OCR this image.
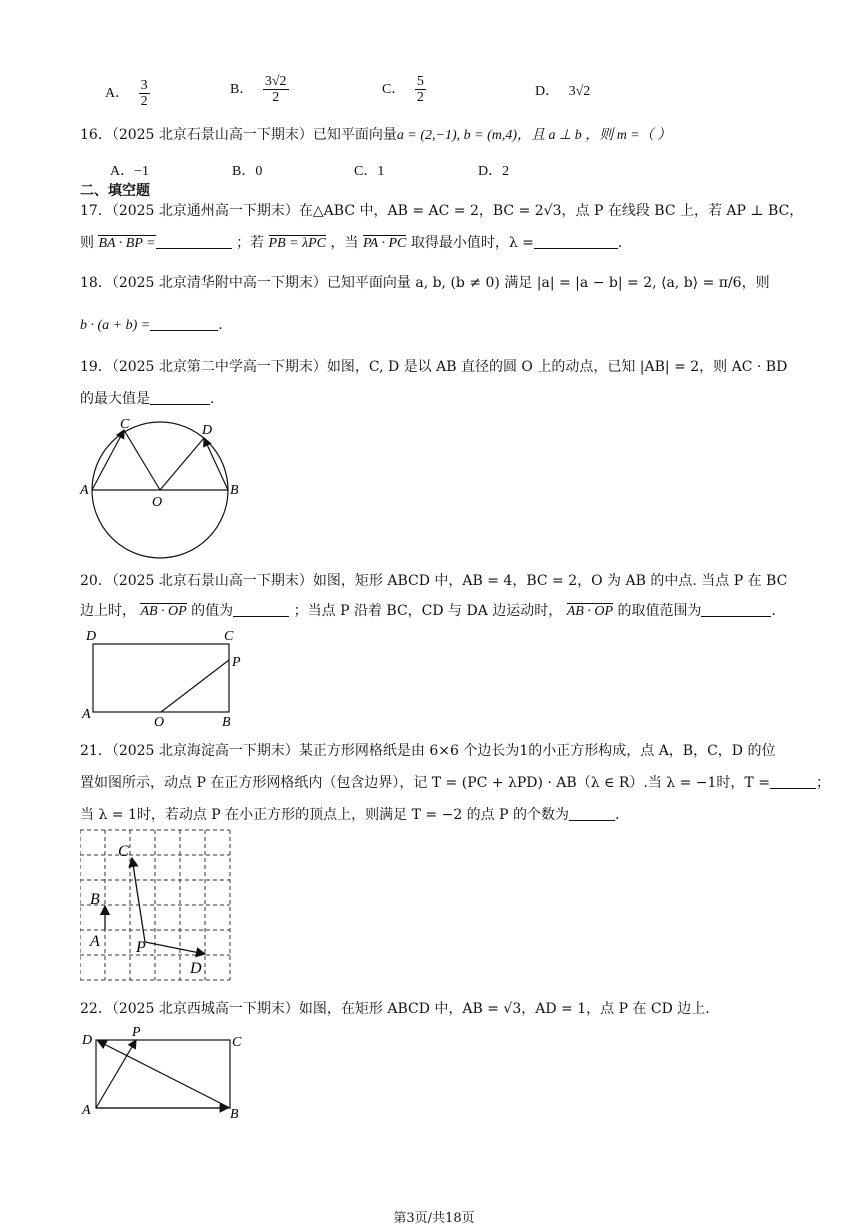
A． $\frac{3}{2}$	B． $\frac{3√2}{2}$	C． $\frac{5}{2}$	D． 3√2
16．（2025 北京石景山高一下期末）已知平面向量a = (2,−1), b = (m,4)，且 a ⊥ b ，则 m =（ ）
A．−1	B．0	C．1	D．2
二、填空题
17．（2025 北京通州高一下期末）在△ABC 中，AB = AC = 2，BC = 2√3，点 P 在线段 BC 上，若 AP ⊥ BC，
则 BA · BP =	；若 PB = λPC ，当 PA · PC 取得最小值时，λ =	.
18．（2025 北京清华附中高一下期末）已知平面向量 a, b, (b ≠ 0) 满足 |a| = |a − b| = 2, ⟨a, b⟩ = π/6，则
b · (a + b) =	.
19．（2025 北京第二中学高一下期末）如图，C, D 是以 AB 直径的圆 O 上的动点，已知 |AB| = 2，则 AC · BD
的最大值是	.
C	D
A
O
B
20．（2025 北京石景山高一下期末）如图，矩形 ABCD 中，AB = 4，BC = 2，O 为 AB 的中点. 当点 P 在 BC
边上时， AB · OP 的值为	；当点 P 沿着 BC，CD 与 DA 边运动时， AB · OP 的取值范围为	.
D	C
P
A
O	B
21．（2025 北京海淀高一下期末）某正方形网格纸是由 6×6 个边长为1的小正方形构成，点 A，B，C，D 的位
置如图所示，动点 P 在正方形网格纸内（包含边界），记 T = (PC + λPD) · AB（λ ∈ R）.当 λ = −1时，T =	；
当 λ = 1时，若动点 P 在小正方形的顶点上，则满足 T = −2 的点 P 的个数为	.
C
B
A P
D
22．（2025 北京西城高一下期末）如图，在矩形 ABCD 中，AB = √3，AD = 1，点 P 在 CD 边上.
D
P
C
A	B
第3页/共18页
